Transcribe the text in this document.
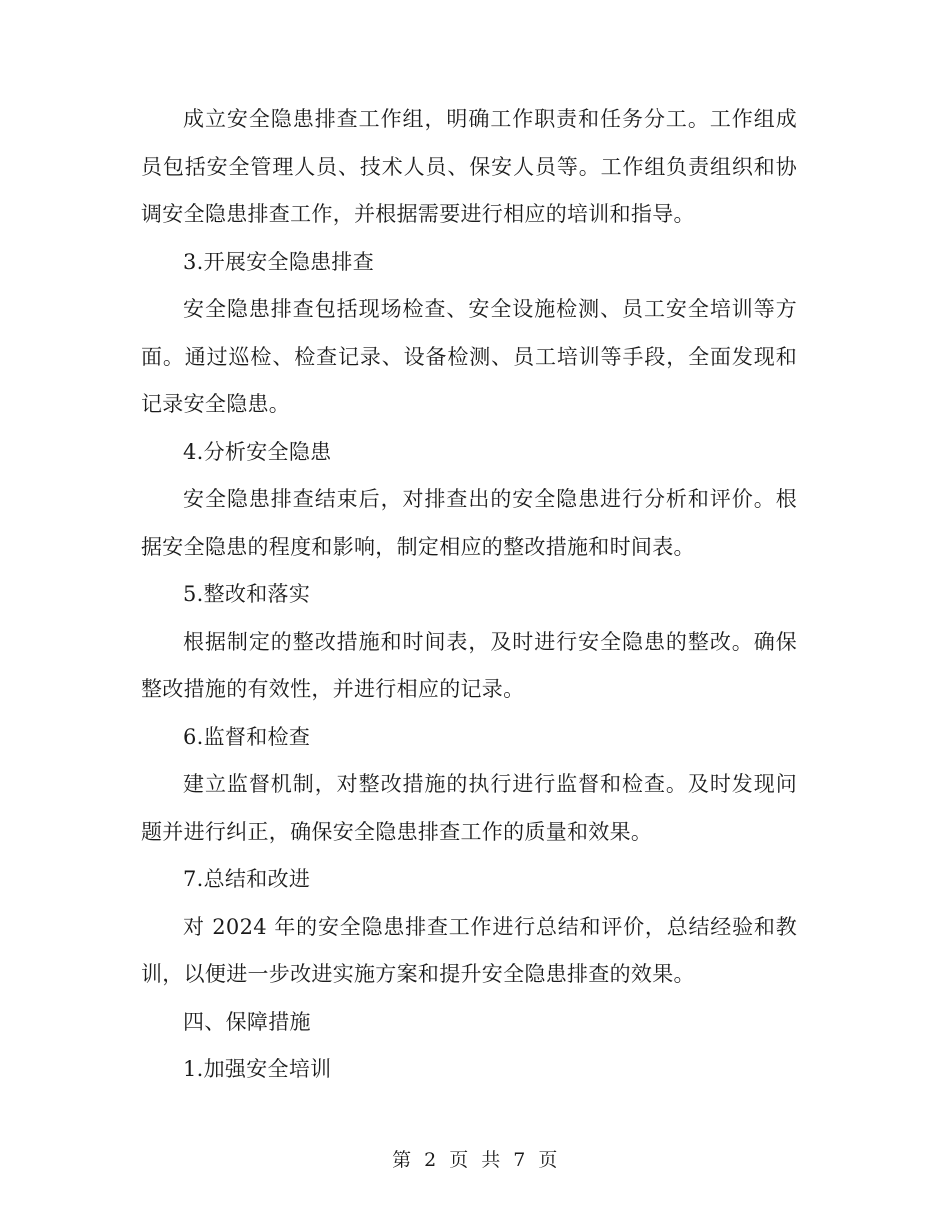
成立安全隐患排查工作组，明确工作职责和任务分工。工作组成员包括安全管理人员、技术人员、保安人员等。工作组负责组织和协调安全隐患排查工作，并根据需要进行相应的培训和指导。

3.开展安全隐患排查

安全隐患排查包括现场检查、安全设施检测、员工安全培训等方面。通过巡检、检查记录、设备检测、员工培训等手段，全面发现和记录安全隐患。

4.分析安全隐患

安全隐患排查结束后，对排查出的安全隐患进行分析和评价。根据安全隐患的程度和影响，制定相应的整改措施和时间表。

5.整改和落实

根据制定的整改措施和时间表，及时进行安全隐患的整改。确保整改措施的有效性，并进行相应的记录。

6.监督和检查

建立监督机制，对整改措施的执行进行监督和检查。及时发现问题并进行纠正，确保安全隐患排查工作的质量和效果。

7.总结和改进

对 2024 年的安全隐患排查工作进行总结和评价，总结经验和教训，以便进一步改进实施方案和提升安全隐患排查的效果。

四、保障措施

1.加强安全培训

第 2 页 共 7 页
